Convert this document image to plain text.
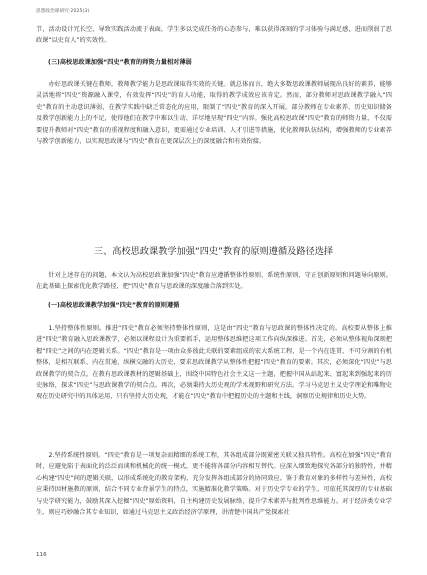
思想政治课研究·2025(3)
节，活动设计冗长空，导致实践活动流于表面，学生多以完成任务的心态参与，难以获得深刻的学习体验与满足感，进而削弱了思政课“以史育人”的实效性。
(三)高校思政课加强“四史”教育的师资力量相对薄弱
办好思政课关键在教师，教师教学能力是思政课取得实效的关键。就总体而言，绝大多数思政课教师展现出良好的素养，能够灵活地将“四史”资源融入课堂，有效发挥“四史”的育人功能，取得的教学成效应该肯定。然而，部分教师对思政课教学融入“四史”教育的主动意识薄弱，在教学实践中缺乏常态化的应用，限制了“四史”教育的深入开展。部分教师在专业素养、历史知识储备及教学创新能力上的不足，使得他们在教学中难以生动、详尽地呈现“四史”内容。强化高校思政课“四史”教育的师资力量，不仅需要提升教师对“四史”教育的重视程度和融入意识，更需通过专业培训、人才引进等措施，优化教师队伍结构，增强教师的专业素养与教学创新能力，以实现思政课与“四史”教育在更深层次上的深度融合和有效衔接。
三、高校思政课教学加强“四史”教育的原则遵循及路径选择
针对上述存在的问题，本文认为高校思政课加强“四史”教育应遵循整体性原则、系统性原则、守正创新原则和问题导向原则。在此基础上探索优化教学路径，把“四史”教育与思政课的深度融合落到实处。
(一)高校思政课教学加强“四史”教育的原则遵循
1.坚持整体性原则。推进“四史”教育必须坚持整体性原则，这是由“四史”教育与思政课的整体性决定的。高校要从整体上推进“四史”教育融入思政课教学，必须以课程设计为重要抓手，运用整体思维把这项工作向纵深推进。首先，必须从整体视角深刻把握“四史”之间的内在逻辑关系。“四史”教育是一项由众多彼此关联的要素组成的宏大系统工程，是一个内在连贯、不可分割的有机整体，是相互联系、内在贯通、纵横交融的大历史，要求思政课教学从整体性把握“四史”教育的要素。其次，必须深化“四史”与思政课教学的契合点。在教有思政课教材的逻辑基础上，围绕中国特色社会主义这一主题，把握中国从站起来、富起来到强起来的历史脉络，探求“四史”与思政课教学的契合点。再次，必须秉持大历史观的学术视野和研究方法。学习马克思主义史学理论和唯物史观在历史研究中的具体运用，只有坚持大历史观，才能在“四史”教育中把握历史的主题和主线，洞察历史规律和历史大势。
2.坚持系统性原则。“四史”教育是一项复杂而精细的系统工程，其各组成部分既紧密关联又独具特性。高校在加强“四史”教育时，应避免陷于表面化的泛泛而谈和机械化的统一模式，更不能将各部分内容相互替代。应深入细致地探究各部分的独特性，并精心构建“四史”间的逻辑关联，以形成系统化的教育架构，充分发挥各组成部分的协同效应。鉴于教育对象的多样性与差异性，高校应秉持因材施教的原则，结合不同专业背景学生的特点，实施精准化教学策略。对于历史学专业的学生，可依托其深厚的专业基础与史学研究能力，鼓励其深入挖掘“四史”原始资料，自主构建历史发展脉络，提升学术素养与批判性思维能力。对于经济类专业学生，则应巧妙融合其专业知识，如通过马克思主义政治经济学原理，讲清楚中国共产党探索社
116
